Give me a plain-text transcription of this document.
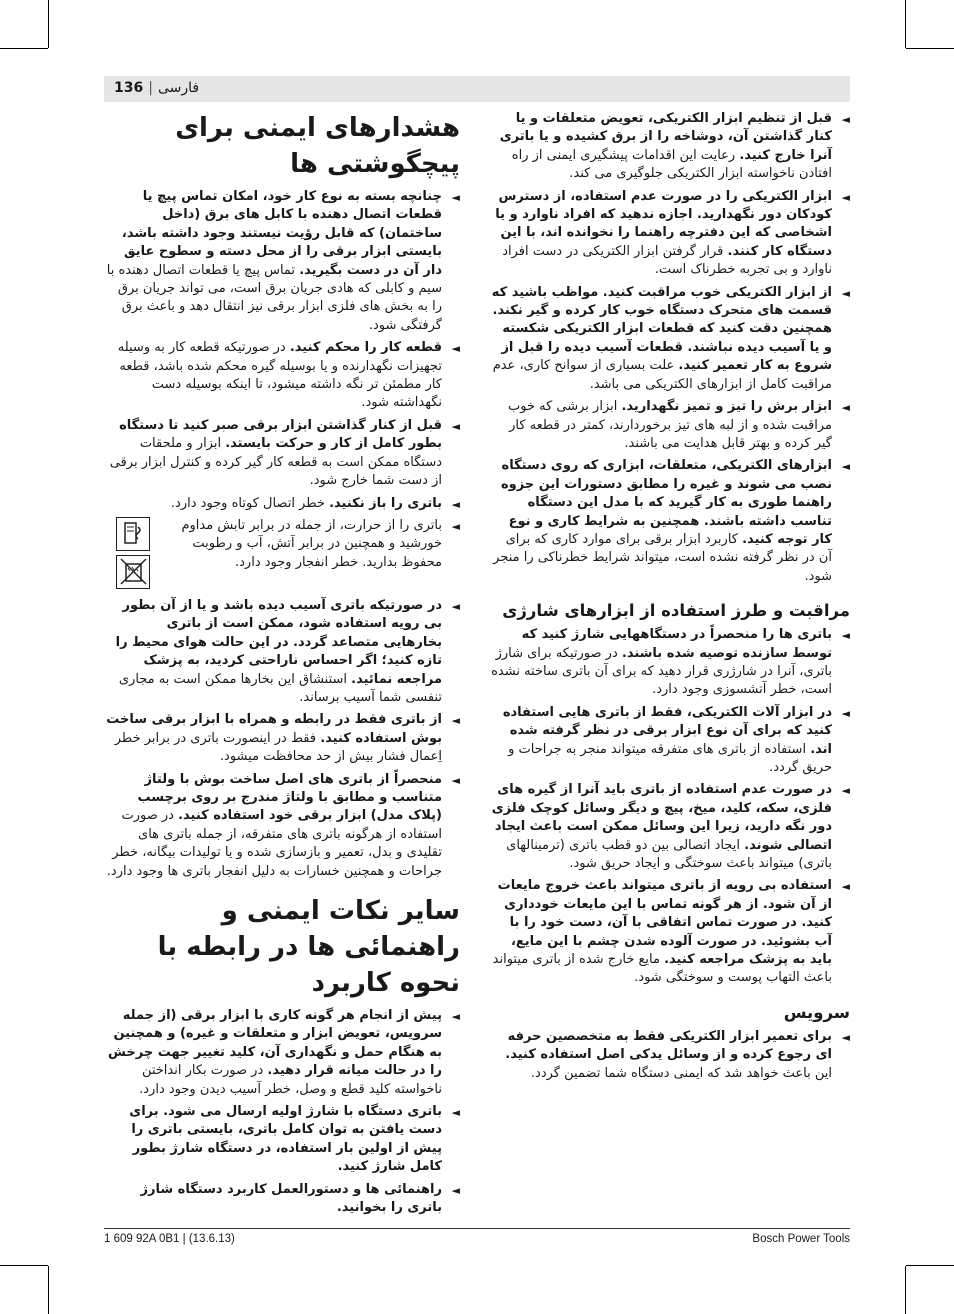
136 | فارسی
◄
قبل از تنظیم ابزار الکتریکی، تعویض متعلقات و یا کنار گذاشتن آن، دوشاخه را از برق کشیده و یا باتری آنرا خارج کنید. رعایت این اقدامات پیشگیری ایمنی از راه افتادن ناخواسته ابزار الکتریکی جلوگیری می کند.
◄
ابزار الکتریکی را در صورت عدم استفاده، از دسترس کودکان دور نگهدارید. اجازه ندهید که افراد ناوارد و یا اشخاصی که این دفترچه راهنما را نخوانده اند، با این دستگاه کار کنند. قرار گرفتن ابزار الکتریکی در دست افراد ناوارد و بی تجربه خطرناک است.
◄
از ابزار الکتریکی خوب مراقبت کنید. مواظب باشید که قسمت های متحرک دستگاه خوب کار کرده و گیر نکند. همچنین دقت کنید که قطعات ابزار الکتریکی شکسته و یا آسیب دیده نباشند. قطعات آسیب دیده را قبل از شروع به کار تعمیر کنید. علت بسیاری از سوانح کاری، عدم مراقبت کامل از ابزارهای الکتریکی می باشد.
◄
ابزار برش را تیز و تمیز نگهدارید. ابزار برشی که خوب مراقبت شده و از لبه های تیز برخوردارند، کمتر در قطعه کار گیر کرده و بهتر قابل هدایت می باشند.
◄
ابزارهای الکتریکی، متعلقات، ابزاری که روی دستگاه نصب می شوند و غیره را مطابق دستورات این جزوه راهنما طوری به کار گیرید که با مدل این دستگاه تناسب داشته باشند. همچنین به شرایط کاری و نوع کار توجه کنید. کاربرد ابزار برقی برای موارد کاری که برای آن در نظر گرفته نشده است، میتواند شرایط خطرناکی را منجر شود.
مراقبت و طرز استفاده از ابزارهای شارژی
◄
باتری ها را منحصراً در دستگاههایی شارژ کنید که توسط سازنده توصیه شده باشند. در صورتیکه برای شارژ باتری، آنرا در شارژری قرار دهید که برای آن باتری ساخته نشده است، خطر آتشسوزی وجود دارد.
◄
در ابزار آلات الکتریکی، فقط از باتری هایی استفاده کنید که برای آن نوع ابزار برقی در نظر گرفته شده اند. استفاده از باتری های متفرقه میتواند منجر به جراحات و حریق گردد.
◄
در صورت عدم استفاده از باتری باید آنرا از گیره های فلزی، سکه، کلید، میخ، پیچ و دیگر وسائل کوچک فلزی دور نگه دارید، زیرا این وسائل ممکن است باعث ایجاد اتصالی شوند. ایجاد اتصالی بین دو قطب باتری (ترمینالهای باتری) میتواند باعث سوختگی و ایجاد حریق شود.
◄
استفاده بی رویه از باتری میتواند باعث خروج مایعات از آن شود. از هر گونه تماس با این مایعات خودداری کنید. در صورت تماس اتفاقی با آن، دست خود را با آب بشوئید. در صورت آلوده شدن چشم با این مایع، باید به پزشک مراجعه کنید. مایع خارج شده از باتری میتواند باعث التهاب پوست و سوختگی شود.
سرویس
◄
برای تعمیر ابزار الکتریکی فقط به متخصصین حرفه ای رجوع کرده و از وسائل یدکی اصل استفاده کنید. این باعث خواهد شد که ایمنی دستگاه شما تضمین گردد.
هشدارهای ایمنی برای پیچگوشتی ها
◄
چنانچه بسته به نوع کار خود، امکان تماس پیچ یا قطعات اتصال دهنده با کابل های برق (داخل ساختمان) که قابل رؤیت نیستند وجود داشته باشد، بایستی ابزار برقی را از محل دسته و سطوح عایق دار آن در دست بگیرید. تماس پیچ یا قطعات اتصال دهنده با سیم و کابلی که هادی جریان برق است، می تواند جریان برق را به بخش های فلزی ابزار برقی نیز انتقال دهد و باعث برق گرفتگی شود.
◄
قطعه کار را محکم کنید. در صورتیکه قطعه کار به وسیله تجهیزات نگهدارنده و یا بوسیله گیره محکم شده باشد، قطعه کار مطمئن تر نگه داشته میشود، تا اینکه بوسیله دست نگهداشته شود.
◄
قبل از کنار گذاشتن ابزار برقی صبر کنید تا دستگاه بطور کامل از کار و حرکت بایستد. ابزار و ملحقات دستگاه ممکن است به قطعه کار گیر کرده و کنترل ابزار برقی از دست شما خارج شود.
◄
باتری را باز نکنید. خطر اتصال کوتاه وجود دارد.
باتری را از حرارت، از جمله در برابر تابش مداوم خورشید و همچنین در برابر آتش، آب و رطوبت محفوظ بدارید. خطر انفجار وجود دارد.
◄
◄
در صورتیکه باتری آسیب دیده باشد و یا از آن بطور بی رویه استفاده شود، ممکن است از باتری بخارهایی متصاعد گردد. در این حالت هوای محیط را تازه کنید؛ اگر احساس ناراحتی کردید، به پزشک مراجعه نمائید. استنشاق این بخارها ممکن است به مجاری تنفسی شما آسیب برساند.
◄
از باتری فقط در رابطه و همراه با ابزار برقی ساخت بوش استفاده کنید. فقط در اینصورت باتری در برابر خطر اِعمال فشار بیش از حد محافظت میشود.
◄
منحصراً از باتری های اصل ساخت بوش با ولتاژ متناسب و مطابق با ولتاژ مندرج بر روی برچسب (پلاک مدل) ابزار برقی خود استفاده کنید. در صورت استفاده از هرگونه باتری های متفرقه، از جمله باتری های تقلیدی و بدل، تعمیر و بازسازی شده و یا تولیدات بیگانه، خطر جراحات و همچنین خسارات به دلیل انفجار باتری ها وجود دارد.
سایر نکات ایمنی و راهنمائی ها در رابطه با نحوه کاربرد
◄
پیش از انجام هر گونه کاری با ابزار برقی (از جمله سرویس، تعویض ابزار و متعلقات و غیره) و همچنین به هنگام حمل و نگهداری آن، کلید تغییر جهت چرخش را در حالت میانه قرار دهید. در صورت بکار انداختن ناخواسته کلید قطع و وصل، خطر آسیب دیدن وجود دارد.
◄
باتری دستگاه با شارژ اولیه ارسال می شود. برای دست یافتن به توان کامل باتری، بایستی باتری را پیش از اولین بار استفاده، در دستگاه شارژ بطور کامل شارژ کنید.
◄
راهنمائی ها و دستورالعمل کاربرد دستگاه شارژ باتری را بخوانید.
1 609 92A 0B1 | (13.6.13)	Bosch Power Tools
